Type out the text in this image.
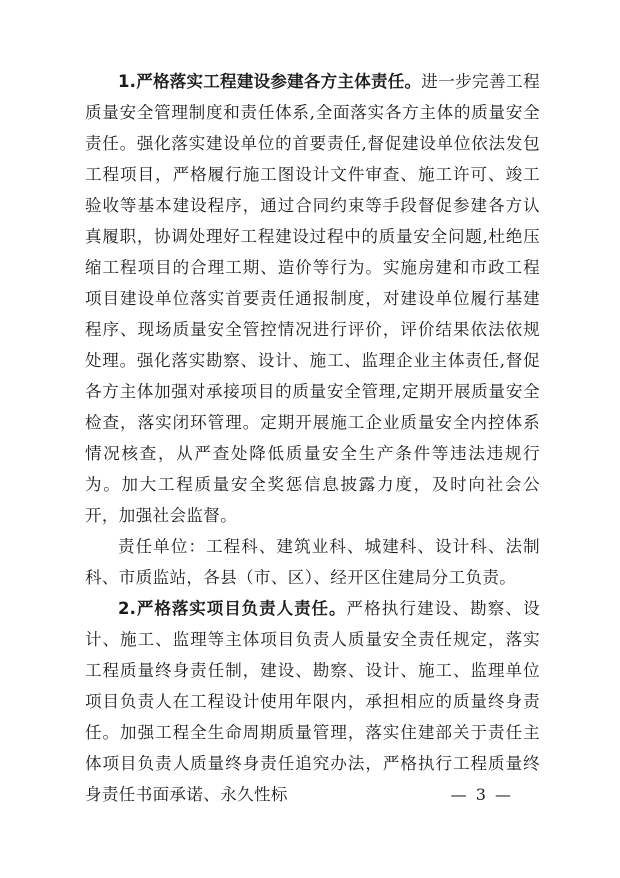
1.严格落实工程建设参建各方主体责任。进一步完善工程质量安全管理制度和责任体系,全面落实各方主体的质量安全责任。强化落实建设单位的首要责任,督促建设单位依法发包工程项目，严格履行施工图设计文件审查、施工许可、竣工验收等基本建设程序，通过合同约束等手段督促参建各方认真履职，协调处理好工程建设过程中的质量安全问题,杜绝压缩工程项目的合理工期、造价等行为。实施房建和市政工程项目建设单位落实首要责任通报制度，对建设单位履行基建程序、现场质量安全管控情况进行评价，评价结果依法依规处理。强化落实勘察、设计、施工、监理企业主体责任,督促各方主体加强对承接项目的质量安全管理,定期开展质量安全检查，落实闭环管理。定期开展施工企业质量安全内控体系情况核查，从严查处降低质量安全生产条件等违法违规行为。加大工程质量安全奖惩信息披露力度，及时向社会公开，加强社会监督。

责任单位：工程科、建筑业科、城建科、设计科、法制科、市质监站，各县（市、区）、经开区住建局分工负责。

2.严格落实项目负责人责任。严格执行建设、勘察、设计、施工、监理等主体项目负责人质量安全责任规定，落实工程质量终身责任制，建设、勘察、设计、施工、监理单位项目负责人在工程设计使用年限内，承担相应的质量终身责任。加强工程全生命周期质量管理，落实住建部关于责任主体项目负责人质量终身责任追究办法，严格执行工程质量终身责任书面承诺、永久性标	— 3 —
